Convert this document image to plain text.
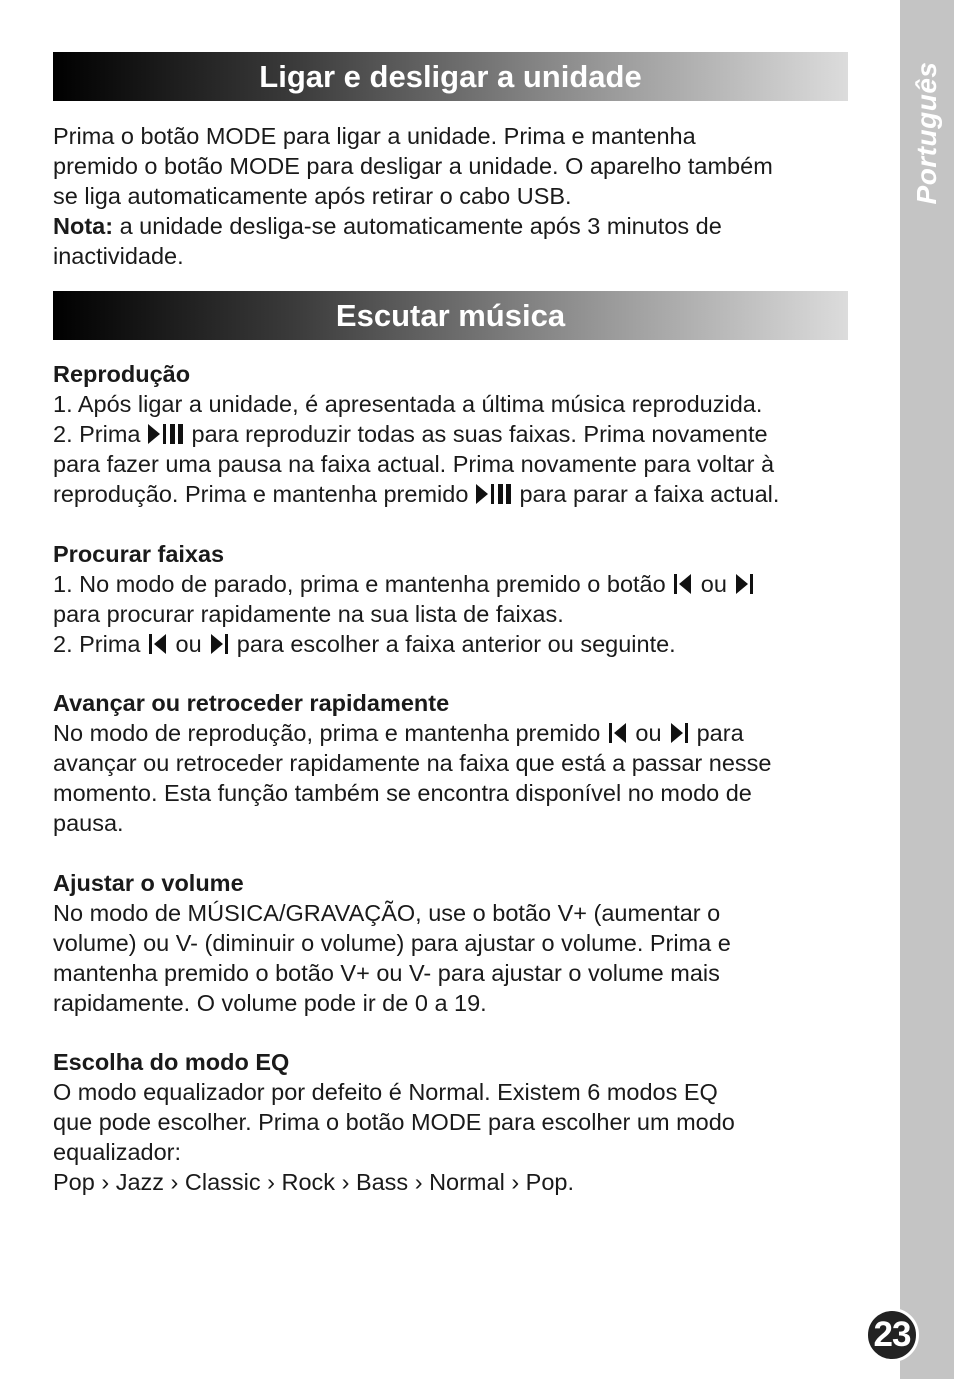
Português
23
Ligar e desligar a unidade

Prima o botão MODE para ligar a unidade. Prima e mantenha

premido o botão MODE para desligar a unidade. O aparelho também

se liga automaticamente após retirar o cabo USB.

Nota: a unidade desliga-se automaticamente após 3 minutos de

inactividade.

Escutar música

Reprodução

1. Após ligar a unidade, é apresentada a última música reproduzida.

2. Prima  para reproduzir todas as suas faixas. Prima novamente

para fazer uma pausa na faixa actual. Prima novamente para voltar à

reprodução. Prima e mantenha premido  para parar a faixa actual.

Procurar faixas

1. No modo de parado, prima e mantenha premido o botão  ou

para procurar rapidamente na sua lista de faixas.

2. Prima  ou  para escolher a faixa anterior ou seguinte.

Avançar ou retroceder rapidamente

No modo de reprodução, prima e mantenha premido  ou  para

avançar ou retroceder rapidamente na faixa que está a passar nesse

momento. Esta função também se encontra disponível no modo de

pausa.

Ajustar o volume

No modo de MÚSICA/GRAVAÇÃO, use o botão V+ (aumentar o

volume) ou V- (diminuir o volume) para ajustar o volume. Prima e

mantenha premido o botão V+ ou V- para ajustar o volume mais

rapidamente. O volume pode ir de 0 a 19.

Escolha do modo EQ

O modo equalizador por defeito é Normal. Existem 6 modos EQ

que pode escolher. Prima o botão MODE para escolher um modo

equalizador:

Pop › Jazz › Classic › Rock › Bass › Normal › Pop.
